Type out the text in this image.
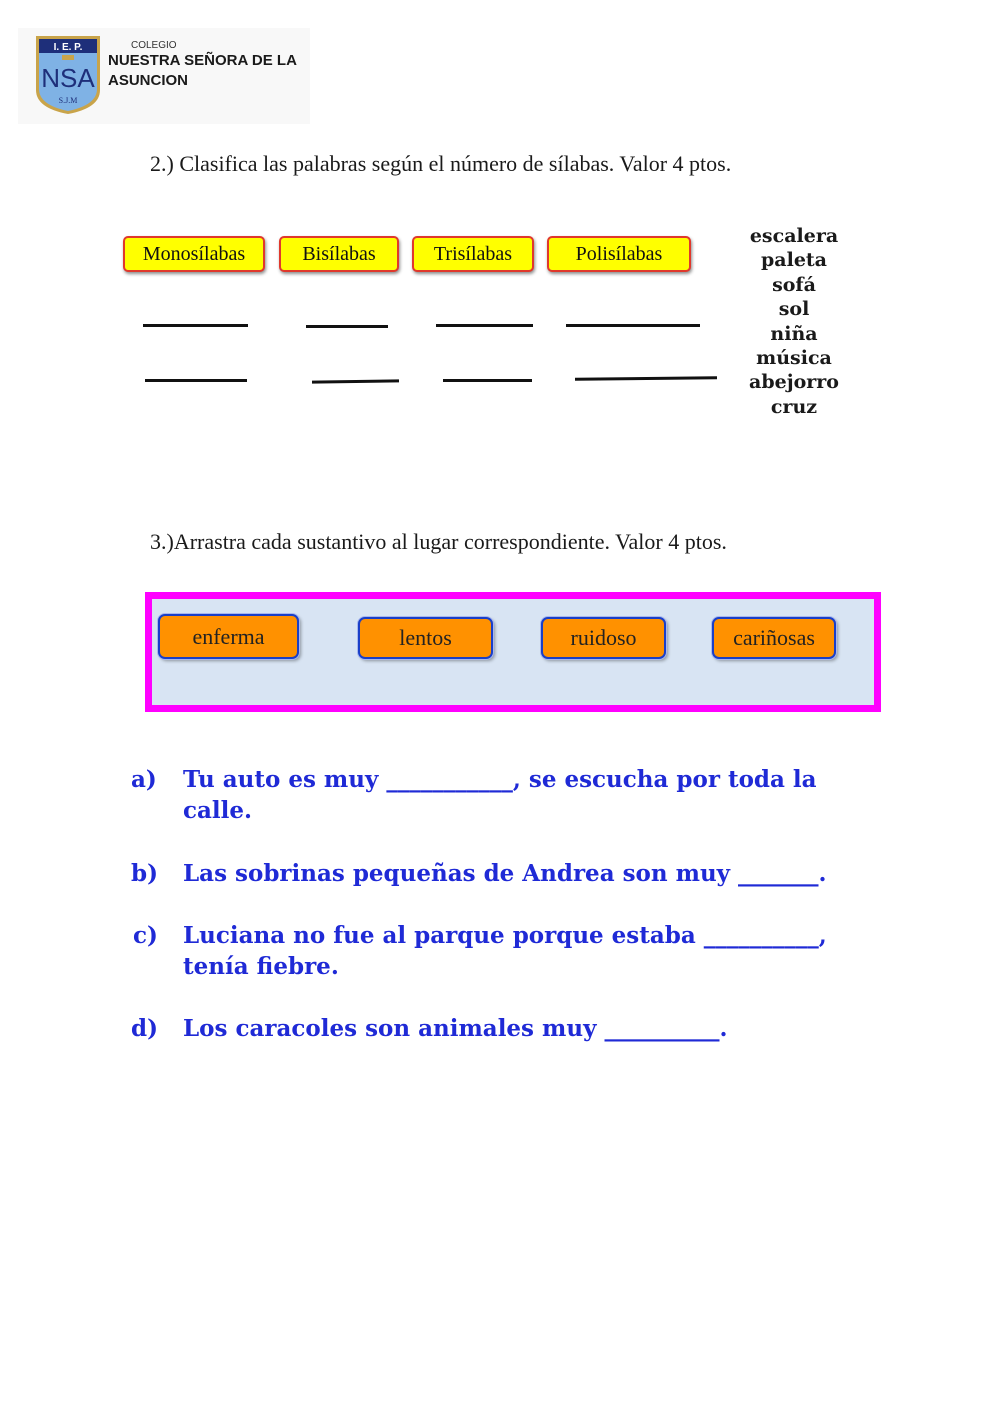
I. E. P.
NSA
S.J.M
COLEGIO
NUESTRA SEÑORA DE LA
ASUNCION
2.) Clasifica las palabras según el número de sílabas. Valor 4 ptos.
Monosílabas	Bisílabas	Trisílabas	Polisílabas
escalera
paleta
sofá
sol
niña
música
abejorro
cruz
3.)Arrastra cada sustantivo al lugar correspondiente. Valor 4 ptos.
enferma	lentos	ruidoso	cariñosas
a) Tu auto es muy ___________, se escucha por toda la
calle.
b) Las sobrinas pequeñas de Andrea son muy _______.
c) Luciana no fue al parque porque estaba __________,
tenía fiebre.
d) Los caracoles son animales muy __________.
